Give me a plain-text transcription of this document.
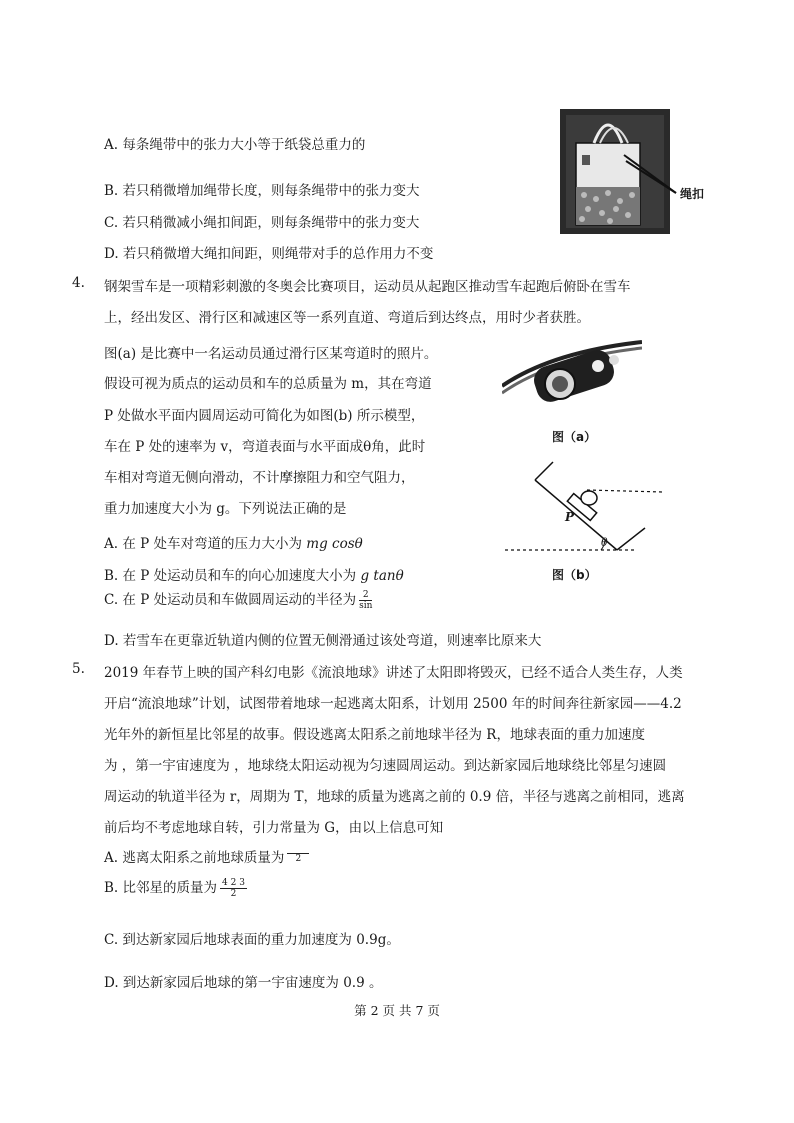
A. 每条绳带中的张力大小等于纸袋总重力的
B. 若只稍微增加绳带长度，则每条绳带中的张力变大
C. 若只稍微减小绳扣间距，则每条绳带中的张力变大
D. 若只稍微增大绳扣间距，则绳带对手的总作用力不变
绳扣
4. 钢架雪车是一项精彩刺激的冬奥会比赛项目，运动员从起跑区推动雪车起跑后俯卧在雪车
上，经出发区、滑行区和减速区等一系列直道、弯道后到达终点，用时少者获胜。
图(a) 是比赛中一名运动员通过滑行区某弯道时的照片。
假设可视为质点的运动员和车的总质量为 m，其在弯道
P 处做水平面内圆周运动可简化为如图(b) 所示模型，
车在 P 处的速率为 v，弯道表面与水平面成θ角，此时
车相对弯道无侧向滑动，不计摩擦阻力和空气阻力，
重力加速度大小为 g。下列说法正确的是
A. 在 P 处车对弯道的压力大小为 mg cosθ
B. 在 P 处运动员和车的向心加速度大小为 g tanθ
C. 在 P 处运动员和车做圆周运动的半径为 $\frac{2}{\sin}$
D. 若雪车在更靠近轨道内侧的位置无侧滑通过该处弯道，则速率比原来大
图（a）
P
θ
图（b）
5. 2019 年春节上映的国产科幻电影《流浪地球》讲述了太阳即将毁灭，已经不适合人类生存，人类
开启“流浪地球”计划，试图带着地球一起逃离太阳系，计划用 2500 年的时间奔往新家园——4.2
光年外的新恒星比邻星的故事。假设逃离太阳系之前地球半径为 R，地球表面的重力加速度
为 ，第一宇宙速度为 ，地球绕太阳运动视为匀速圆周运动。到达新家园后地球绕比邻星匀速圆
周运动的轨道半径为 r，周期为 T，地球的质量为逃离之前的 0.9 倍，半径与逃离之前相同，逃离
前后均不考虑地球自转，引力常量为 G，由以上信息可知
A. 逃离太阳系之前地球质量为	2
B. 比邻星的质量为 $\frac{4 2 3}{2}$
C. 到达新家园后地球表面的重力加速度为 0.9g。
D. 到达新家园后地球的第一宇宙速度为 0.9 。
第 2 页 共 7 页
